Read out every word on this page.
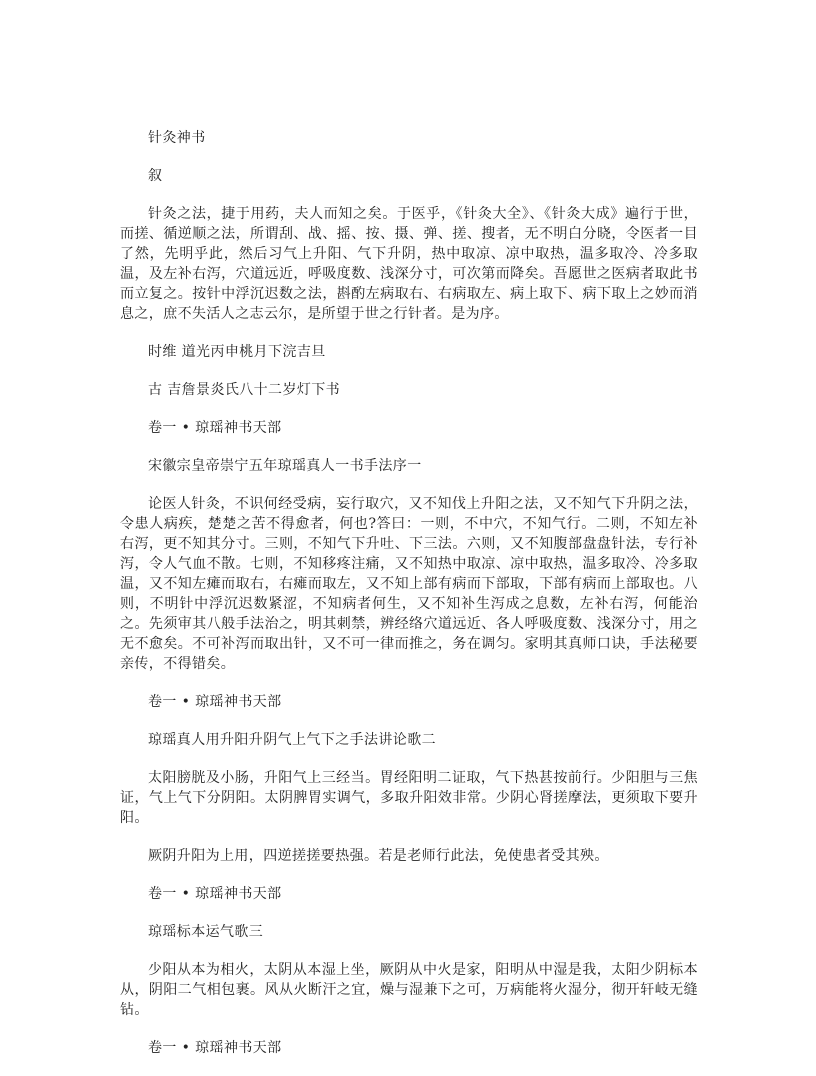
针灸神书

叙

针灸之法，捷于用药，夫人而知之矣。于医乎，《针灸大全》、《针灸大成》遍行于世，而搓、循逆顺之法，所谓刮、战、摇、按、摄、弹、搓、搜者，无不明白分晓，令医者一目了然，先明乎此，然后习气上升阳、气下升阴，热中取凉、凉中取热，温多取冷、冷多取温，及左补右泻，穴道远近，呼吸度数、浅深分寸，可次第而降矣。吾愿世之医病者取此书而立复之。按针中浮沉迟数之法，斟酌左病取右、右病取左、病上取下、病下取上之妙而消息之，庶不失活人之志云尔，是所望于世之行针者。是为序。

时维 道光丙申桃月下浣吉旦

古 吉詹景炎氏八十二岁灯下书

卷一 • 琼瑶神书天部

宋徽宗皇帝崇宁五年琼瑶真人一书手法序一

论医人针灸，不识何经受病，妄行取穴，又不知伐上升阳之法，又不知气下升阴之法，令患人病疾，楚楚之苦不得愈者，何也?答曰：一则，不中穴，不知气行。二则，不知左补右泻，更不知其分寸。三则，不知气下升吐、下三法。六则，又不知腹部盘盘针法，专行补泻，令人气血不散。七则，不知移疼注痛，又不知热中取凉、凉中取热，温多取冷、冷多取温，又不知左瘫而取右，右瘫而取左，又不知上部有病而下部取，下部有病而上部取也。八则，不明针中浮沉迟数紧涩，不知病者何生，又不知补生泻成之息数，左补右泻，何能治之。先须审其八般手法治之，明其刺禁，辨经络穴道远近、各人呼吸度数、浅深分寸，用之无不愈矣。不可补泻而取出针，又不可一律而推之，务在调匀。家明其真师口诀，手法秘要亲传，不得错矣。

卷一 • 琼瑶神书天部

琼瑶真人用升阳升阴气上气下之手法讲论歌二

太阳膀胱及小肠，升阳气上三经当。胃经阳明二证取，气下热甚按前行。少阳胆与三焦证，气上气下分阴阳。太阴脾胃实调气，多取升阳效非常。少阴心肾搓摩法，更须取下要升阳。

厥阴升阳为上用，四逆搓搓要热强。若是老师行此法，免使患者受其殃。

卷一 • 琼瑶神书天部

琼瑶标本运气歌三

少阳从本为相火，太阴从本湿上坐，厥阴从中火是家，阳明从中湿是我，太阳少阴标本从，阴阳二气相包裹。风从火断汗之宜，燥与湿兼下之可，万病能将火湿分，彻开轩岐无缝钻。

卷一 • 琼瑶神书天部
